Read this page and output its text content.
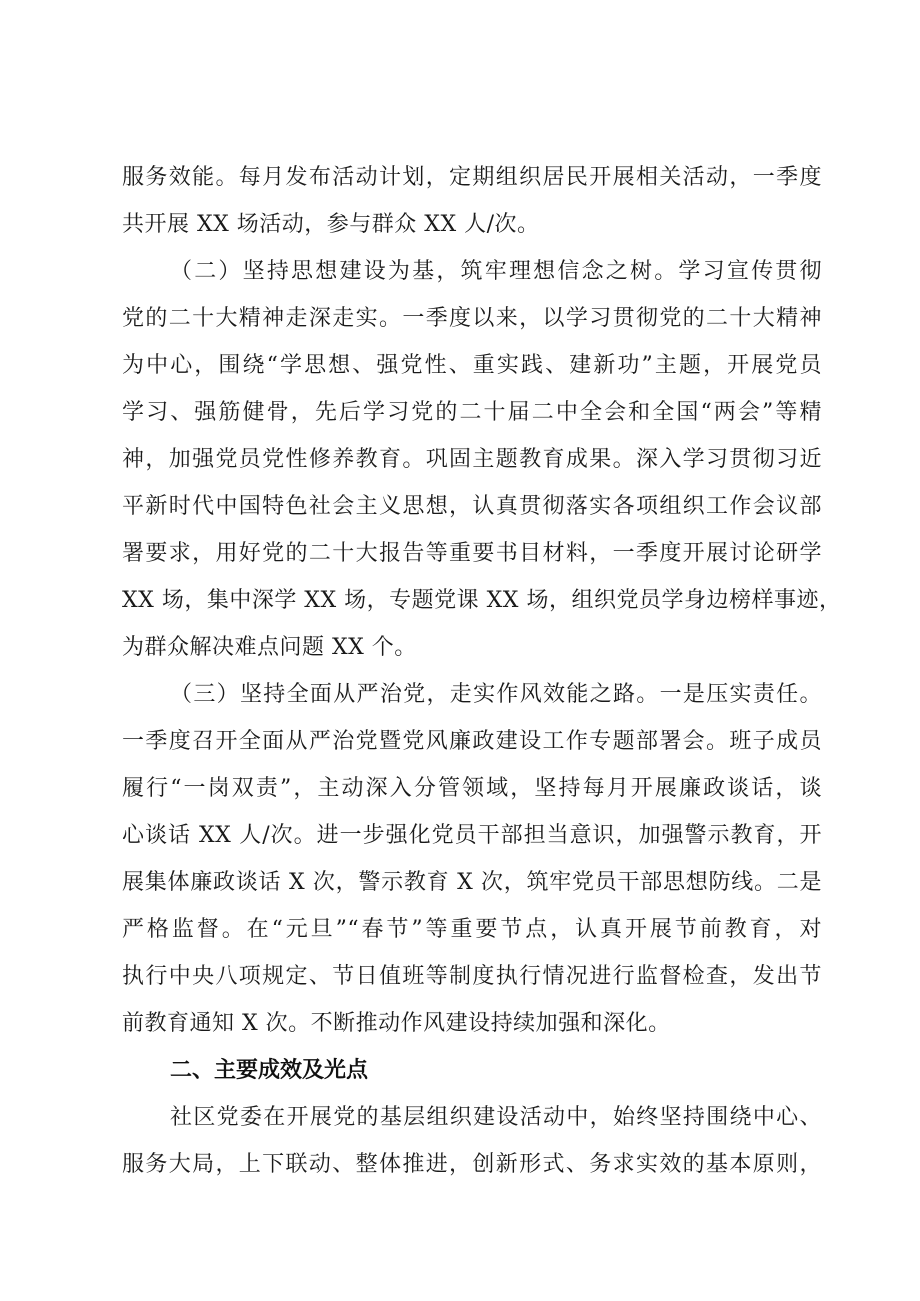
服务效能。每月发布活动计划，定期组织居民开展相关活动，一季度
共开展 XX 场活动，参与群众 XX 人/次。
（二）坚持思想建设为基，筑牢理想信念之树。学习宣传贯彻
党的二十大精神走深走实。一季度以来，以学习贯彻党的二十大精神
为中心，围绕“学思想、强党性、重实践、建新功”主题，开展党员
学习、强筋健骨，先后学习党的二十届二中全会和全国“两会”等精
神，加强党员党性修养教育。巩固主题教育成果。深入学习贯彻习近
平新时代中国特色社会主义思想，认真贯彻落实各项组织工作会议部
署要求，用好党的二十大报告等重要书目材料，一季度开展讨论研学
XX 场，集中深学 XX 场，专题党课 XX 场，组织党员学身边榜样事迹，
为群众解决难点问题 XX 个。
（三）坚持全面从严治党，走实作风效能之路。一是压实责任。
一季度召开全面从严治党暨党风廉政建设工作专题部署会。班子成员
履行“一岗双责”，主动深入分管领域，坚持每月开展廉政谈话，谈
心谈话 XX 人/次。进一步强化党员干部担当意识，加强警示教育，开
展集体廉政谈话 X 次，警示教育 X 次，筑牢党员干部思想防线。二是
严格监督。在“元旦”“春节”等重要节点，认真开展节前教育，对
执行中央八项规定、节日值班等制度执行情况进行监督检查，发出节
前教育通知 X 次。不断推动作风建设持续加强和深化。
二、主要成效及光点
社区党委在开展党的基层组织建设活动中，始终坚持围绕中心、
服务大局，上下联动、整体推进，创新形式、务求实效的基本原则，
